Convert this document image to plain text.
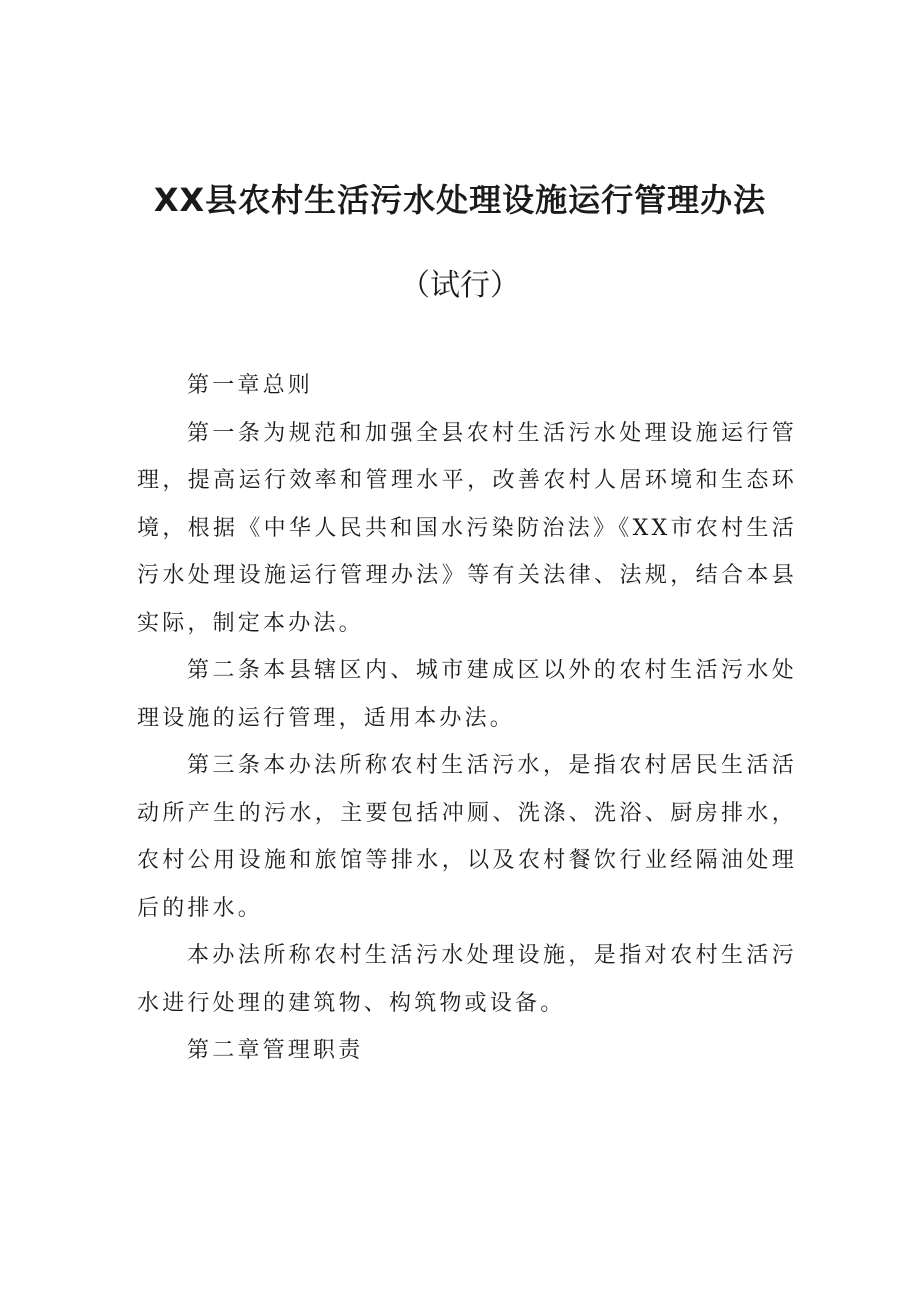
XX县农村生活污水处理设施运行管理办法
（试行）

第一章总则

第一条为规范和加强全县农村生活污水处理设施运行管理，提高运行效率和管理水平，改善农村人居环境和生态环境，根据《中华人民共和国水污染防治法》《XX市农村生活污水处理设施运行管理办法》等有关法律、法规，结合本县实际，制定本办法。

第二条本县辖区内、城市建成区以外的农村生活污水处理设施的运行管理，适用本办法。

第三条本办法所称农村生活污水，是指农村居民生活活动所产生的污水，主要包括冲厕、洗涤、洗浴、厨房排水，农村公用设施和旅馆等排水，以及农村餐饮行业经隔油处理后的排水。

本办法所称农村生活污水处理设施，是指对农村生活污水进行处理的建筑物、构筑物或设备。

第二章管理职责
